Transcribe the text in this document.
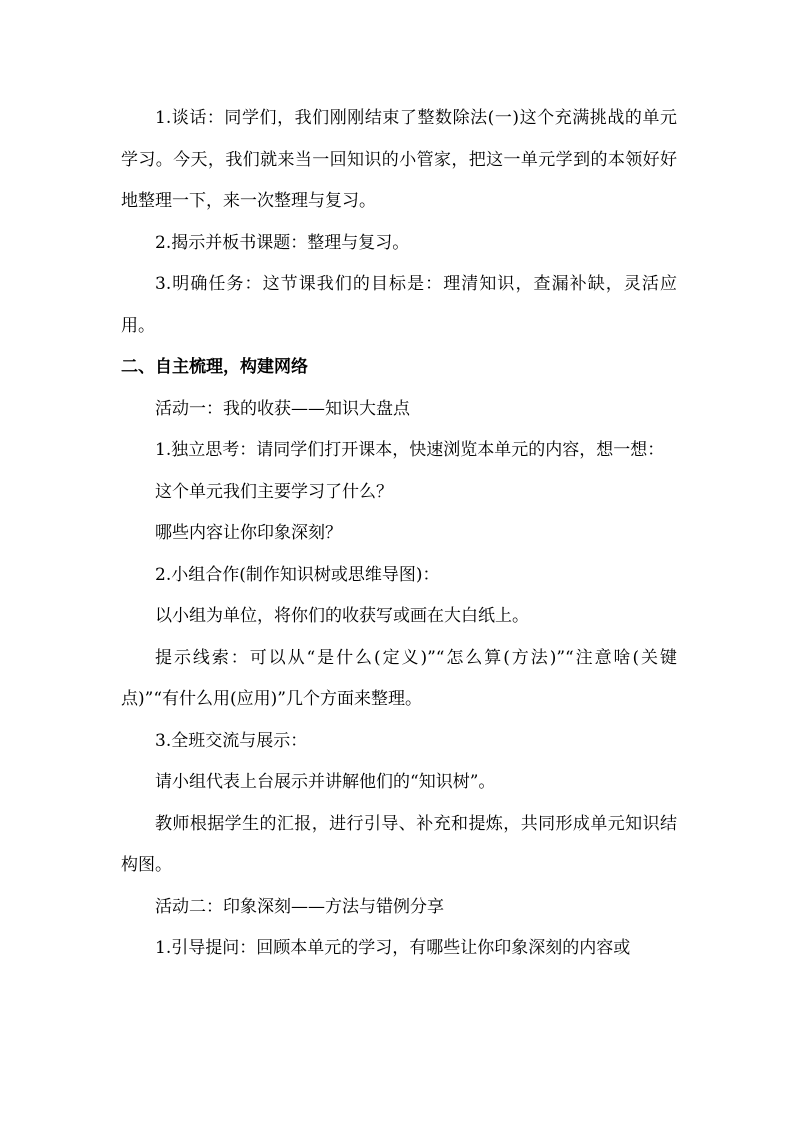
1.谈话：同学们，我们刚刚结束了整数除法(一)这个充满挑战的单元学习。今天，我们就来当一回知识的小管家，把这一单元学到的本领好好地整理一下，来一次整理与复习。

2.揭示并板书课题：整理与复习。

3.明确任务：这节课我们的目标是：理清知识，查漏补缺，灵活应用。

二、自主梳理，构建网络

活动一：我的收获——知识大盘点

1.独立思考：请同学们打开课本，快速浏览本单元的内容，想一想：

这个单元我们主要学习了什么？

哪些内容让你印象深刻？

2.小组合作(制作知识树或思维导图)：

以小组为单位，将你们的收获写或画在大白纸上。

提示线索：可以从“是什么(定义)”“怎么算(方法)”“注意啥(关键点)”“有什么用(应用)”几个方面来整理。

3.全班交流与展示：

请小组代表上台展示并讲解他们的“知识树”。

教师根据学生的汇报，进行引导、补充和提炼，共同形成单元知识结构图。

活动二：印象深刻——方法与错例分享

1.引导提问：回顾本单元的学习，有哪些让你印象深刻的内容或
